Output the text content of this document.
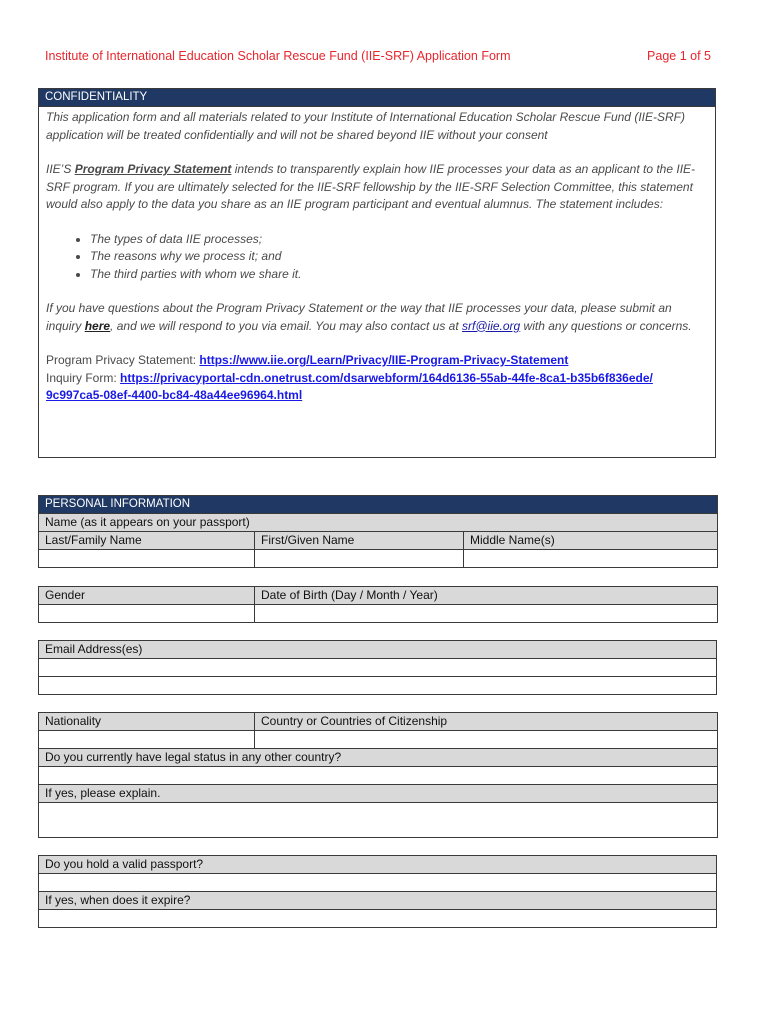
Institute of International Education Scholar Rescue Fund (IIE-SRF) Application Form	Page 1 of 5
CONFIDENTIALITY

This application form and all materials related to your Institute of International Education Scholar Rescue Fund (IIE-SRF) application will be treated confidentially and will not be shared beyond IIE without your consent

IIE’S Program Privacy Statement intends to transparently explain how IIE processes your data as an applicant to the IIE-SRF program. If you are ultimately selected for the IIE-SRF fellowship by the IIE-SRF Selection Committee, this statement would also apply to the data you share as an IIE program participant and eventual alumnus. The statement includes:

• The types of data IIE processes;
• The reasons why we process it; and
• The third parties with whom we share it.

If you have questions about the Program Privacy Statement or the way that IIE processes your data, please submit an inquiry here, and we will respond to you via email. You may also contact us at srf@iie.org with any questions or concerns.

Program Privacy Statement: https://www.iie.org/Learn/Privacy/IIE-Program-Privacy-Statement

Inquiry Form: https://privacyportal-cdn.onetrust.com/dsarwebform/164d6136-55ab-44fe-8ca1-b35b6f836ede/
9c997ca5-08ef-4400-bc84-48a44ee96964.html

PERSONAL INFORMATION		
Name (as it appears on your passport)		
Last/Family Name	First/Given Name	Middle Name(s)

Gender	Date of Birth (Day / Month / Year)

Email Address(es)

Nationality	Country or Countries of Citizenship

Do you currently have legal status in any other country?	

If yes, please explain.	

Do you hold a valid passport?

If yes, when does it expire?
